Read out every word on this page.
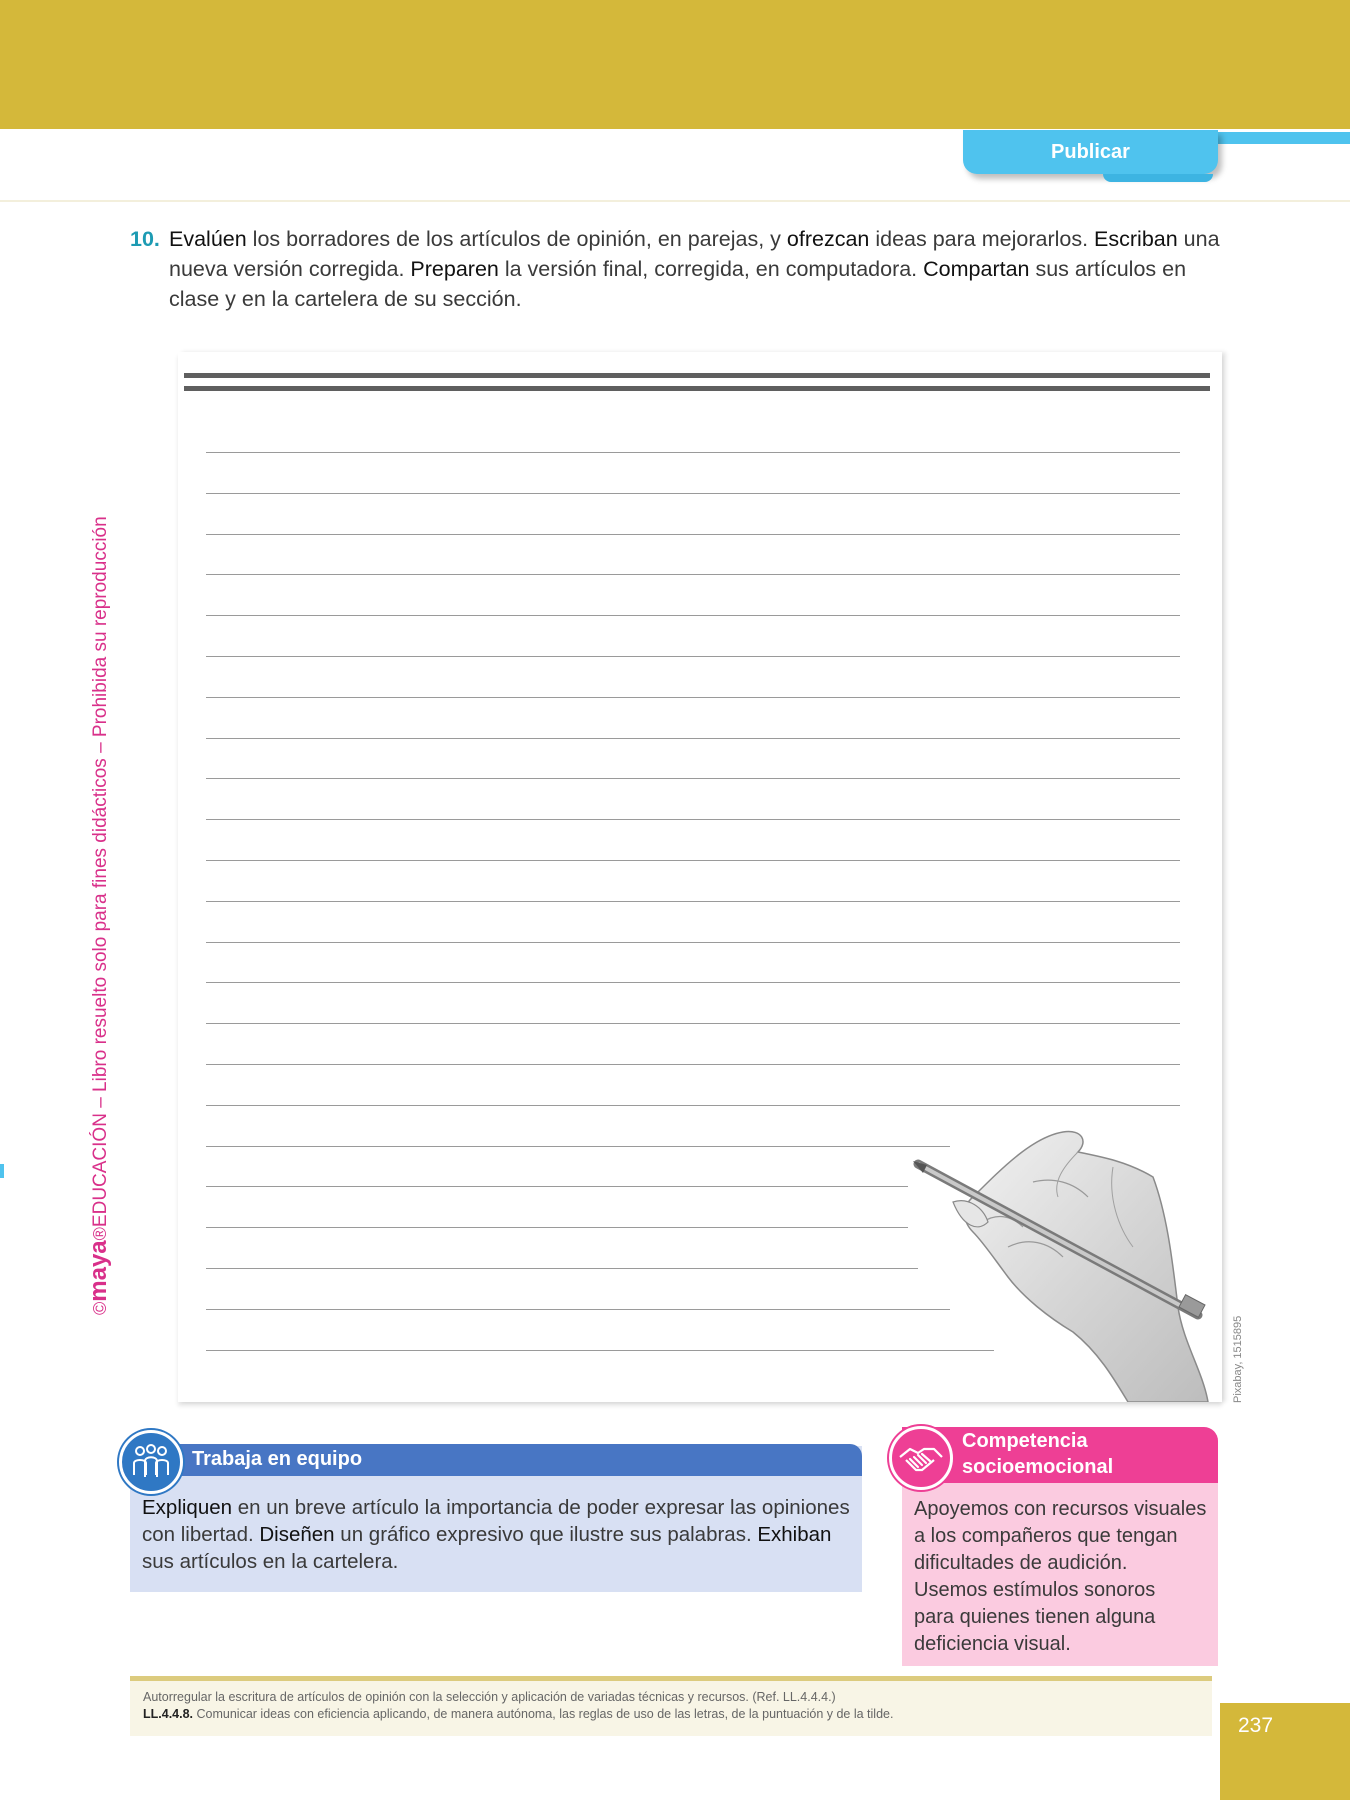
Publicar
©maya®EDUCACIÓN – Libro resuelto solo para fines didácticos – Prohibida su reproducción
10. Evalúen los borradores de los artículos de opinión, en parejas, y ofrezcan ideas para mejorarlos. Escriban una nueva versión corregida. Preparen la versión final, corregida, en computadora. Compartan sus artículos en clase y en la cartelera de su sección.
Pixabay, 1515895
Trabaja en equipo
Expliquen en un breve artículo la importancia de poder expresar las opiniones con libertad. Diseñen un gráfico expresivo que ilustre sus palabras. Exhiban sus artículos en la cartelera.
Competencia
socioemocional
Apoyemos con recursos visuales
a los compañeros que tengan
dificultades de audición.
Usemos estímulos sonoros
para quienes tienen alguna
deficiencia visual.
Autorregular la escritura de artículos de opinión con la selección y aplicación de variadas técnicas y recursos. (Ref. LL.4.4.4.)
LL.4.4.8. Comunicar ideas con eficiencia aplicando, de manera autónoma, las reglas de uso de las letras, de la puntuación y de la tilde.	237
